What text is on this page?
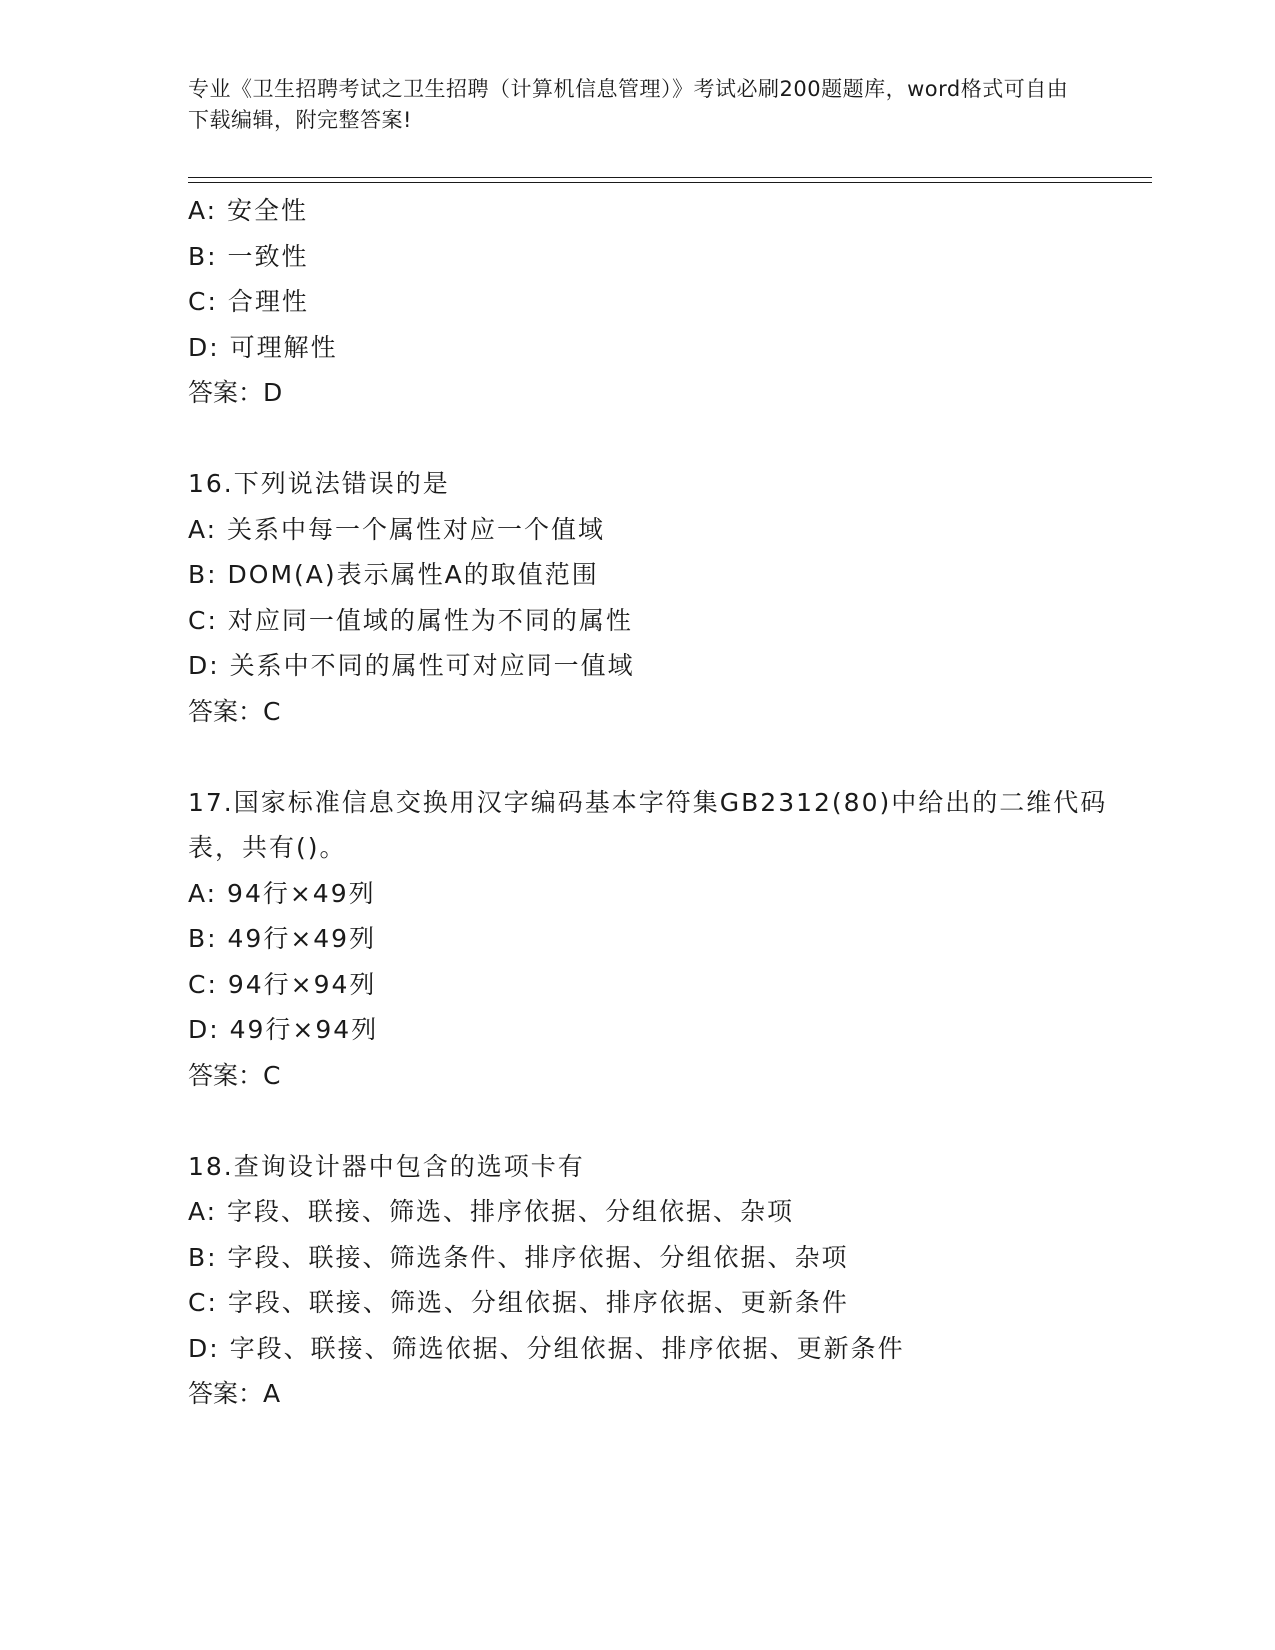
专业《卫生招聘考试之卫生招聘（计算机信息管理）》考试必刷200题题库，word格式可自由下载编辑，附完整答案!
A: 安全性
B: 一致性
C: 合理性
D: 可理解性
答案：D
16.下列说法错误的是
A: 关系中每一个属性对应一个值域
B: DOM(A)表示属性A的取值范围
C: 对应同一值域的属性为不同的属性
D: 关系中不同的属性可对应同一值域
答案：C
17.国家标准信息交换用汉字编码基本字符集GB2312(80)中给出的二维代码表，共有()。
A: 94行×49列
B: 49行×49列
C: 94行×94列
D: 49行×94列
答案：C
18.查询设计器中包含的选项卡有
A: 字段、联接、筛选、排序依据、分组依据、杂项
B: 字段、联接、筛选条件、排序依据、分组依据、杂项
C: 字段、联接、筛选、分组依据、排序依据、更新条件
D: 字段、联接、筛选依据、分组依据、排序依据、更新条件
答案：A
